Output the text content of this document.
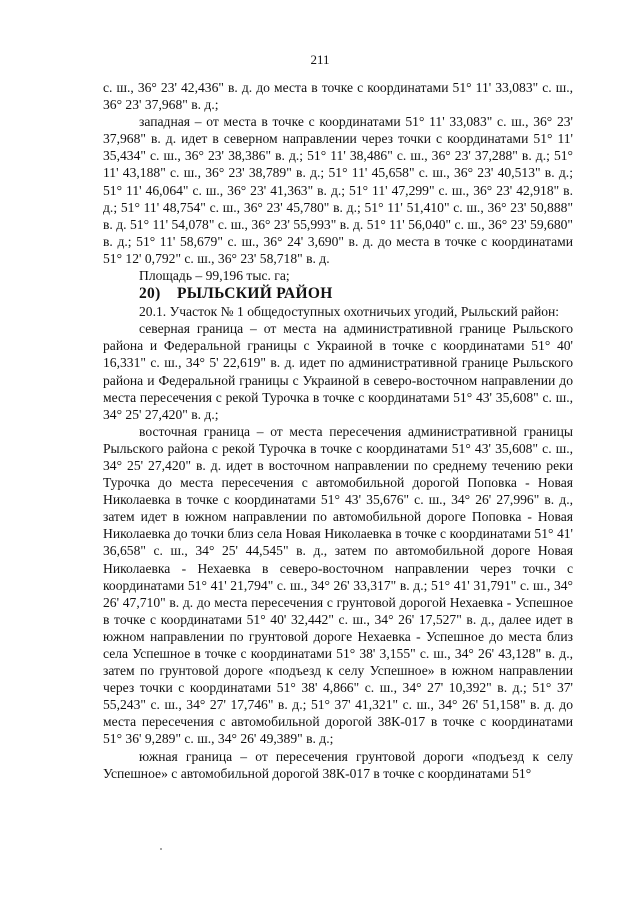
211

с. ш., 36° 23' 42,436" в. д. до места в точке с координатами 51° 11' 33,083" с. ш., 36° 23' 37,968" в. д.;

западная – от места в точке с координатами 51° 11' 33,083" с. ш., 36° 23' 37,968" в. д. идет в северном направлении через точки с координатами 51° 11' 35,434" с. ш., 36° 23' 38,386" в. д.; 51° 11' 38,486" с. ш., 36° 23' 37,288" в. д.; 51° 11' 43,188" с. ш., 36° 23' 38,789" в. д.; 51° 11' 45,658" с. ш., 36° 23' 40,513" в. д.; 51° 11' 46,064" с. ш., 36° 23' 41,363" в. д.; 51° 11' 47,299" с. ш., 36° 23' 42,918" в. д.; 51° 11' 48,754" с. ш., 36° 23' 45,780" в. д.; 51° 11' 51,410" с. ш., 36° 23' 50,888" в. д. 51° 11' 54,078" с. ш., 36° 23' 55,993" в. д. 51° 11' 56,040" с. ш., 36° 23' 59,680" в. д.; 51° 11' 58,679" с. ш., 36° 24' 3,690" в. д. до места в точке с координатами 51° 12' 0,792" с. ш., 36° 23' 58,718" в. д.

Площадь – 99,196 тыс. га;

20) РЫЛЬСКИЙ РАЙОН

20.1. Участок № 1 общедоступных охотничьих угодий, Рыльский район:

северная граница – от места на административной границе Рыльского района и Федеральной границы с Украиной в точке с координатами 51° 40' 16,331" с. ш., 34° 5' 22,619" в. д. идет по административной границе Рыльского района и Федеральной границы с Украиной в северо-восточном направлении до места пересечения с рекой Турочка в точке с координатами 51° 43' 35,608" с. ш., 34° 25' 27,420" в. д.;

восточная граница – от места пересечения административной границы Рыльского района с рекой Турочка в точке с координатами 51° 43' 35,608" с. ш., 34° 25' 27,420" в. д. идет в восточном направлении по среднему течению реки Турочка до места пересечения с автомобильной дорогой Поповка - Новая Николаевка в точке с координатами 51° 43' 35,676" с. ш., 34° 26' 27,996" в. д., затем идет в южном направлении по автомобильной дороге Поповка - Новая Николаевка до точки близ села Новая Николаевка в точке с координатами 51° 41' 36,658" с. ш., 34° 25' 44,545" в. д., затем по автомобильной дороге Новая Николаевка - Нехаевка в северо-восточном направлении через точки с координатами 51° 41' 21,794" с. ш., 34° 26' 33,317" в. д.; 51° 41' 31,791" с. ш., 34° 26' 47,710" в. д. до места пересечения с грунтовой дорогой Нехаевка - Успешное в точке с координатами 51° 40' 32,442" с. ш., 34° 26' 17,527" в. д., далее идет в южном направлении по грунтовой дороге Нехаевка - Успешное до места близ села Успешное в точке с координатами 51° 38' 3,155" с. ш., 34° 26' 43,128" в. д., затем по грунтовой дороге «подъезд к селу Успешное» в южном направлении через точки с координатами 51° 38' 4,866" с. ш., 34° 27' 10,392" в. д.; 51° 37' 55,243" с. ш., 34° 27' 17,746" в. д.; 51° 37' 41,321" с. ш., 34° 26' 51,158" в. д. до места пересечения с автомобильной дорогой 38К-017 в точке с координатами 51° 36' 9,289" с. ш., 34° 26' 49,389" в. д.;

южная граница – от пересечения грунтовой дороги «подъезд к селу Успешное» с автомобильной дорогой 38К-017 в точке с координатами 51°
